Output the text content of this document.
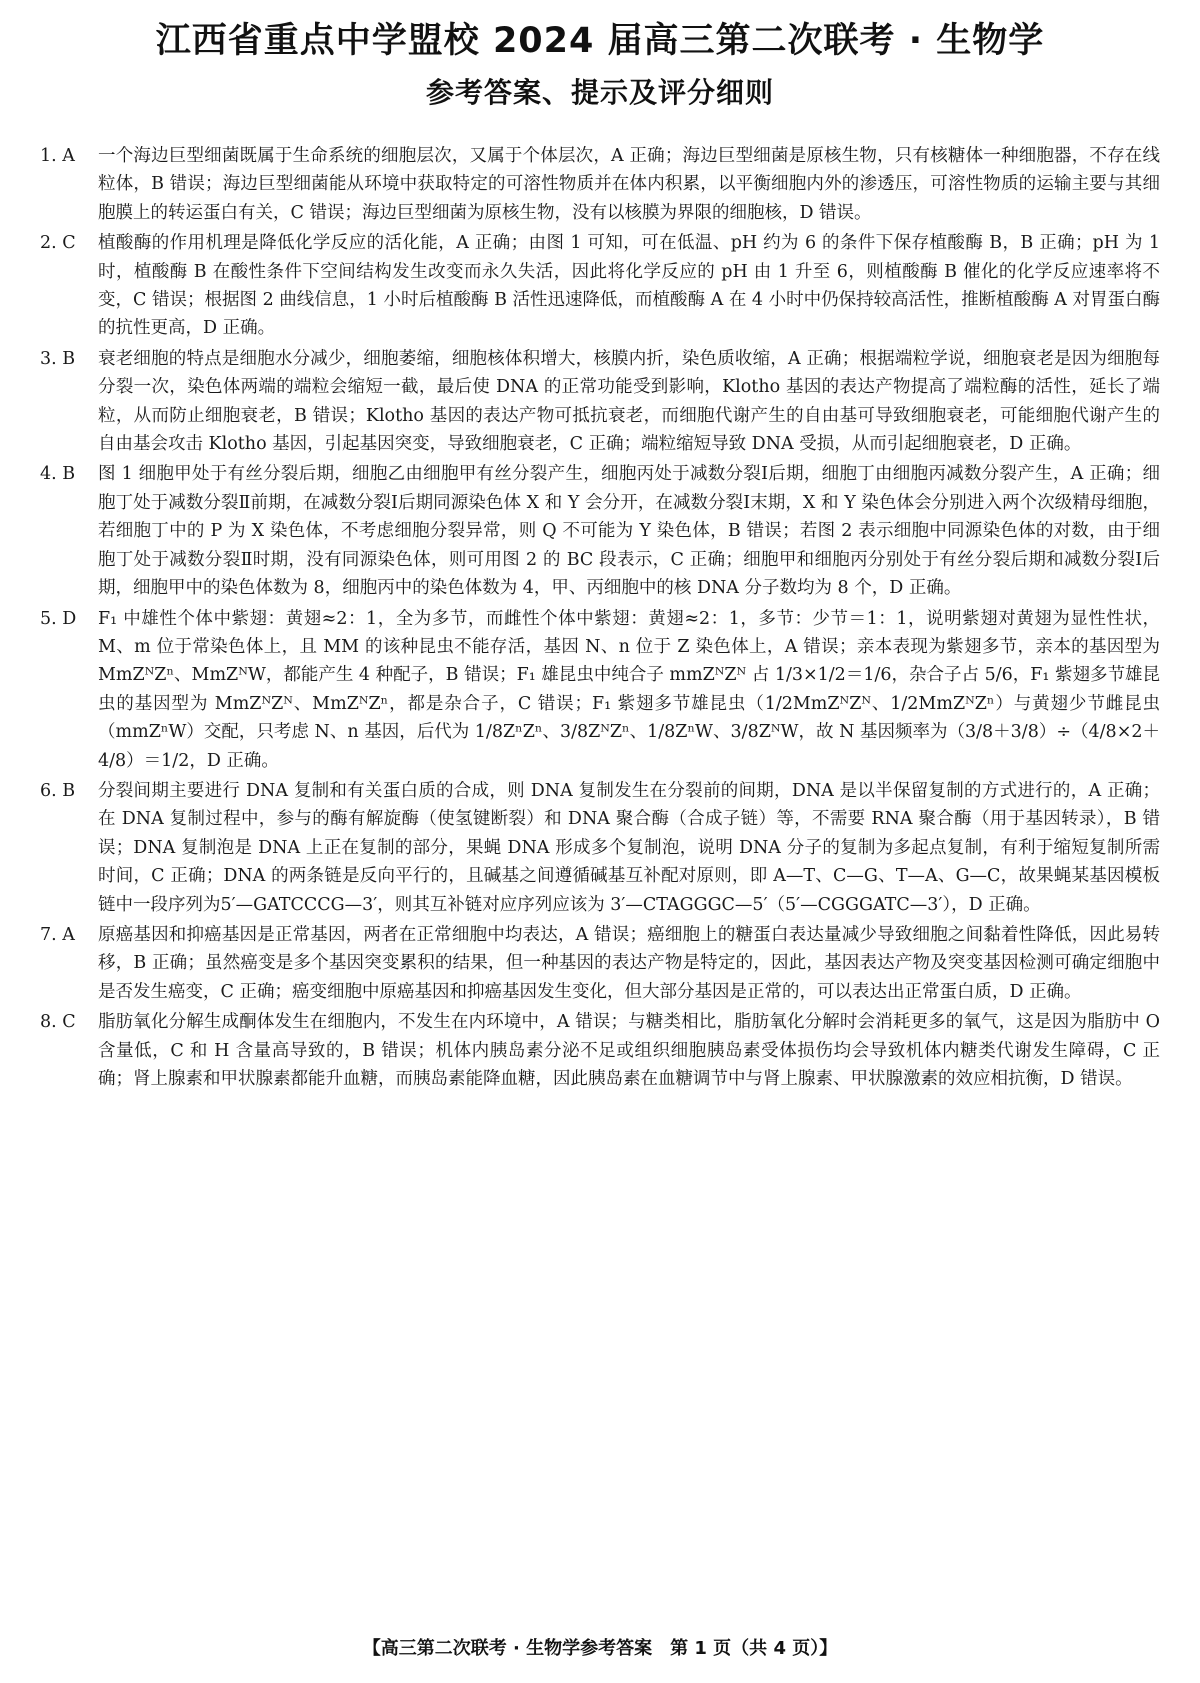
江西省重点中学盟校 2024 届高三第二次联考 · 生物学
参考答案、提示及评分细则
1. A	一个海边巨型细菌既属于生命系统的细胞层次，又属于个体层次，A 正确；海边巨型细菌是原核生物，只有核糖体一种细胞器，不存在线粒体，B 错误；海边巨型细菌能从环境中获取特定的可溶性物质并在体内积累，以平衡细胞内外的渗透压，可溶性物质的运输主要与其细胞膜上的转运蛋白有关，C 错误；海边巨型细菌为原核生物，没有以核膜为界限的细胞核，D 错误。
2. C	植酸酶的作用机理是降低化学反应的活化能，A 正确；由图 1 可知，可在低温、pH 约为 6 的条件下保存植酸酶 B，B 正确；pH 为 1 时，植酸酶 B 在酸性条件下空间结构发生改变而永久失活，因此将化学反应的 pH 由 1 升至 6，则植酸酶 B 催化的化学反应速率将不变，C 错误；根据图 2 曲线信息，1 小时后植酸酶 B 活性迅速降低，而植酸酶 A 在 4 小时中仍保持较高活性，推断植酸酶 A 对胃蛋白酶的抗性更高，D 正确。
3. B	衰老细胞的特点是细胞水分减少，细胞萎缩，细胞核体积增大，核膜内折，染色质收缩，A 正确；根据端粒学说，细胞衰老是因为细胞每分裂一次，染色体两端的端粒会缩短一截，最后使 DNA 的正常功能受到影响，Klotho 基因的表达产物提高了端粒酶的活性，延长了端粒，从而防止细胞衰老，B 错误；Klotho 基因的表达产物可抵抗衰老，而细胞代谢产生的自由基可导致细胞衰老，可能细胞代谢产生的自由基会攻击 Klotho 基因，引起基因突变，导致细胞衰老，C 正确；端粒缩短导致 DNA 受损，从而引起细胞衰老，D 正确。
4. B	图 1 细胞甲处于有丝分裂后期，细胞乙由细胞甲有丝分裂产生，细胞丙处于减数分裂Ⅰ后期，细胞丁由细胞丙减数分裂产生，A 正确；细胞丁处于减数分裂Ⅱ前期，在减数分裂Ⅰ后期同源染色体 X 和 Y 会分开，在减数分裂Ⅰ末期，X 和 Y 染色体会分别进入两个次级精母细胞，若细胞丁中的 P 为 X 染色体，不考虑细胞分裂异常，则 Q 不可能为 Y 染色体，B 错误；若图 2 表示细胞中同源染色体的对数，由于细胞丁处于减数分裂Ⅱ时期，没有同源染色体，则可用图 2 的 BC 段表示，C 正确；细胞甲和细胞丙分别处于有丝分裂后期和减数分裂Ⅰ后期，细胞甲中的染色体数为 8，细胞丙中的染色体数为 4，甲、丙细胞中的核 DNA 分子数均为 8 个，D 正确。
5. D	F₁ 中雄性个体中紫翅：黄翅≈2：1，全为多节，而雌性个体中紫翅：黄翅≈2：1，多节：少节＝1：1，说明紫翅对黄翅为显性性状，M、m 位于常染色体上，且 MM 的该种昆虫不能存活，基因 N、n 位于 Z 染色体上，A 错误；亲本表现为紫翅多节，亲本的基因型为 MmZᴺZⁿ、MmZᴺW，都能产生 4 种配子，B 错误；F₁ 雄昆虫中纯合子 mmZᴺZᴺ 占 1/3×1/2＝1/6，杂合子占 5/6，F₁ 紫翅多节雄昆虫的基因型为 MmZᴺZᴺ、MmZᴺZⁿ，都是杂合子，C 错误；F₁ 紫翅多节雄昆虫（1/2MmZᴺZᴺ、1/2MmZᴺZⁿ）与黄翅少节雌昆虫（mmZⁿW）交配，只考虑 N、n 基因，后代为 1/8ZⁿZⁿ、3/8ZᴺZⁿ、1/8ZⁿW、3/8ZᴺW，故 N 基因频率为（3/8＋3/8）÷（4/8×2＋4/8）＝1/2，D 正确。
6. B	分裂间期主要进行 DNA 复制和有关蛋白质的合成，则 DNA 复制发生在分裂前的间期，DNA 是以半保留复制的方式进行的，A 正确；在 DNA 复制过程中，参与的酶有解旋酶（使氢键断裂）和 DNA 聚合酶（合成子链）等，不需要 RNA 聚合酶（用于基因转录），B 错误；DNA 复制泡是 DNA 上正在复制的部分，果蝇 DNA 形成多个复制泡，说明 DNA 分子的复制为多起点复制，有利于缩短复制所需时间，C 正确；DNA 的两条链是反向平行的，且碱基之间遵循碱基互补配对原则，即 A—T、C—G、T—A、G—C，故果蝇某基因模板链中一段序列为5′—GATCCCG—3′，则其互补链对应序列应该为 3′—CTAGGGC—5′（5′—CGGGATC—3′），D 正确。
7. A	原癌基因和抑癌基因是正常基因，两者在正常细胞中均表达，A 错误；癌细胞上的糖蛋白表达量减少导致细胞之间黏着性降低，因此易转移，B 正确；虽然癌变是多个基因突变累积的结果，但一种基因的表达产物是特定的，因此，基因表达产物及突变基因检测可确定细胞中是否发生癌变，C 正确；癌变细胞中原癌基因和抑癌基因发生变化，但大部分基因是正常的，可以表达出正常蛋白质，D 正确。
8. C	脂肪氧化分解生成酮体发生在细胞内，不发生在内环境中，A 错误；与糖类相比，脂肪氧化分解时会消耗更多的氧气，这是因为脂肪中 O 含量低，C 和 H 含量高导致的，B 错误；机体内胰岛素分泌不足或组织细胞胰岛素受体损伤均会导致机体内糖类代谢发生障碍，C 正确；肾上腺素和甲状腺素都能升血糖，而胰岛素能降血糖，因此胰岛素在血糖调节中与肾上腺素、甲状腺激素的效应相抗衡，D 错误。
【高三第二次联考 · 生物学参考答案　第 1 页（共 4 页）】
